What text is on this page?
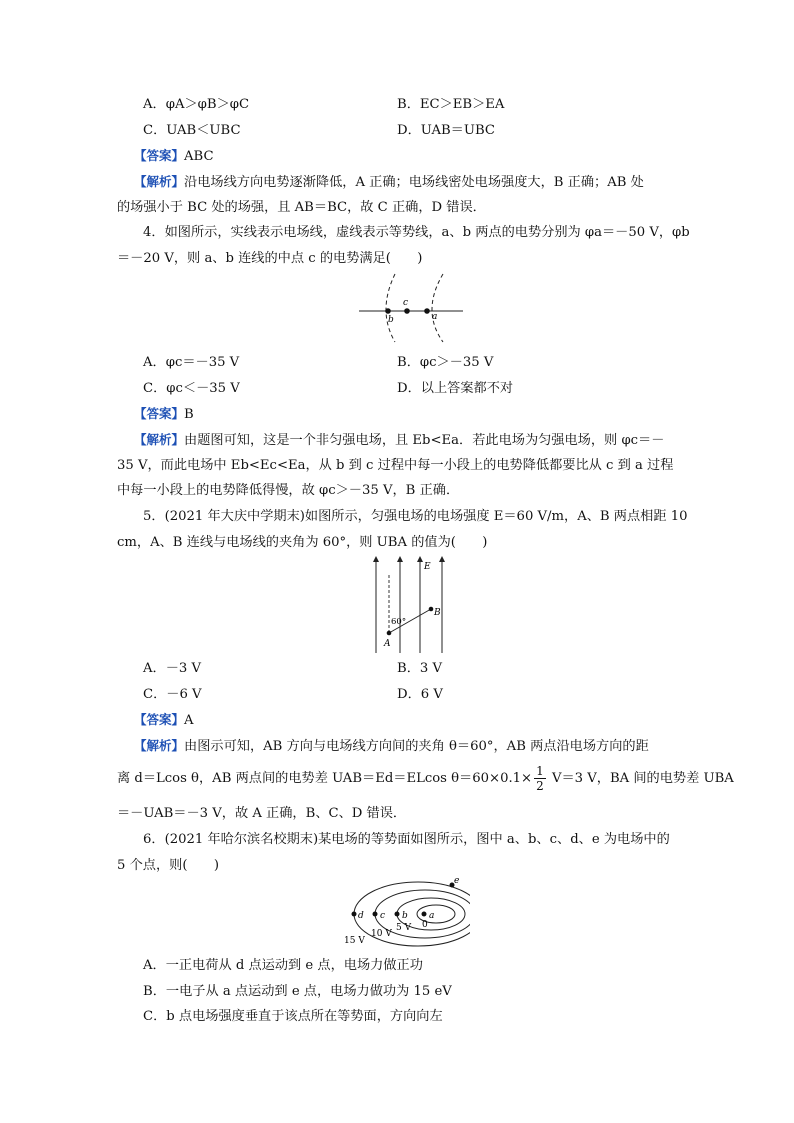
A．φA＞φB＞φC	B．EC＞EB＞EA
C．UAB＜UBC	D．UAB＝UBC
【答案】ABC
【解析】沿电场线方向电势逐渐降低，A 正确；电场线密处电场强度大，B 正确；AB 处
的场强小于 BC 处的场强，且 AB＝BC，故 C 正确，D 错误．
4．如图所示，实线表示电场线，虚线表示等势线，a、b 两点的电势分别为 φa＝－50 V，φb
＝－20 V，则 a、b 连线的中点 c 的电势满足(　　)
c
b	a
A．φc＝－35 V	B．φc＞－35 V
C．φc＜－35 V	D．以上答案都不对
【答案】B
【解析】由题图可知，这是一个非匀强电场，且 Eb<Ea．若此电场为匀强电场，则 φc＝－
35 V，而此电场中 Eb<Ec<Ea，从 b 到 c 过程中每一小段上的电势降低都要比从 c 到 a 过程
中每一小段上的电势降低得慢，故 φc＞－35 V，B 正确．
5．(2021 年大庆中学期末)如图所示，匀强电场的电场强度 E＝60 V/m，A、B 两点相距 10
cm，A、B 连线与电场线的夹角为 60°，则 UBA 的值为(　　)
E
B
A
60°
A．－3 V	B．3 V
C．－6 V	D．6 V
【答案】A
【解析】由图示可知，AB 方向与电场线方向间的夹角 θ＝60°，AB 两点沿电场方向的距
离 d＝Lcos θ，AB 两点间的电势差 UAB＝Ed＝ELcos $\theta=60\times 0.1\times \frac{1}{2} V=3$ V，BA 间的电势差 UBA
＝－UAB＝－3 V，故 A 正确，B、C、D 错误．
6．(2021 年哈尔滨名校期末)某电场的等势面如图所示，图中 a、b、c、d、e 为电场中的
5 个点，则(　　)
d c b a
e
15 V
10 V
5 V 0
A．一正电荷从 d 点运动到 e 点，电场力做正功
B．一电子从 a 点运动到 e 点，电场力做功为 15 eV
C．b 点电场强度垂直于该点所在等势面，方向向左
